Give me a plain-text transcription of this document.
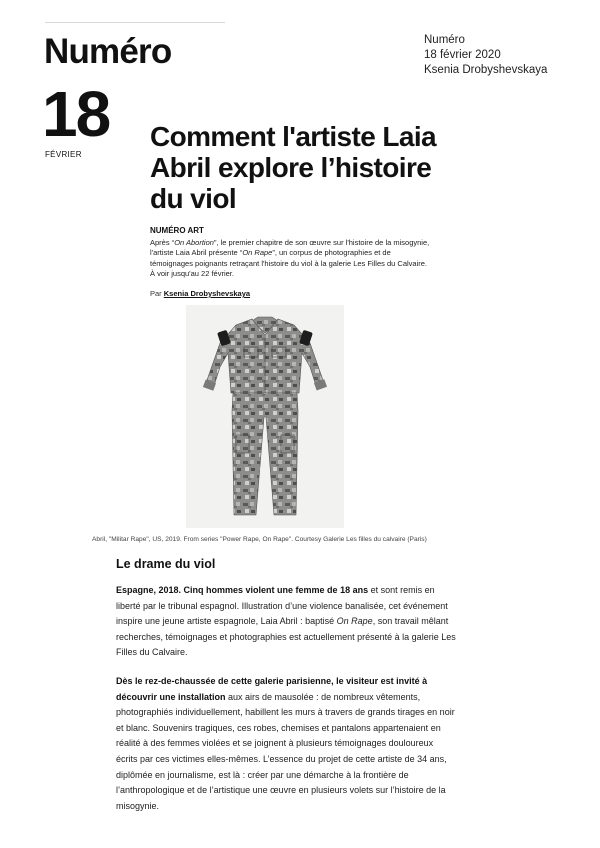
Numéro	Numéro
18 février 2020
Ksenia Drobyshevskaya
18
FÉVRIER
Comment l'artiste Laia Abril explore l’histoire du viol
NUMÉRO ART
Après “On Abortion”, le premier chapitre de son œuvre sur l'histoire de la misogynie, l'artiste Laia Abril présente “On Rape”, un corpus de photographies et de témoignages poignants retraçant l'histoire du viol à la galerie Les Filles du Calvaire. À voir jusqu'au 22 février.
Par Ksenia Drobyshevskaya
Abril, "Militar Rape", US, 2019. From series "Power Rape, On Rape". Courtesy Galerie Les filles du calvaire (Paris)
Le drame du viol

Espagne, 2018. Cinq hommes violent une femme de 18 ans et sont remis en liberté par le tribunal espagnol. Illustration d’une violence banalisée, cet événement inspire une jeune artiste espagnole, Laia Abril : baptisé On Rape, son travail mêlant recherches, témoignages et photographies est actuellement présenté à la galerie Les Filles du Calvaire.

Dès le rez-de-chaussée de cette galerie parisienne, le visiteur est invité à découvrir une installation aux airs de mausolée : de nombreux vêtements, photographiés individuellement, habillent les murs à travers de grands tirages en noir et blanc. Souvenirs tragiques, ces robes, chemises et pantalons appartenaient en réalité à des femmes violées et se joignent à plusieurs témoignages douloureux écrits par ces victimes elles-mêmes. L’essence du projet de cette artiste de 34 ans, diplômée en journalisme, est là : créer par une démarche à la frontière de l’anthropologique et de l’artistique une œuvre en plusieurs volets sur l’histoire de la misogynie.
